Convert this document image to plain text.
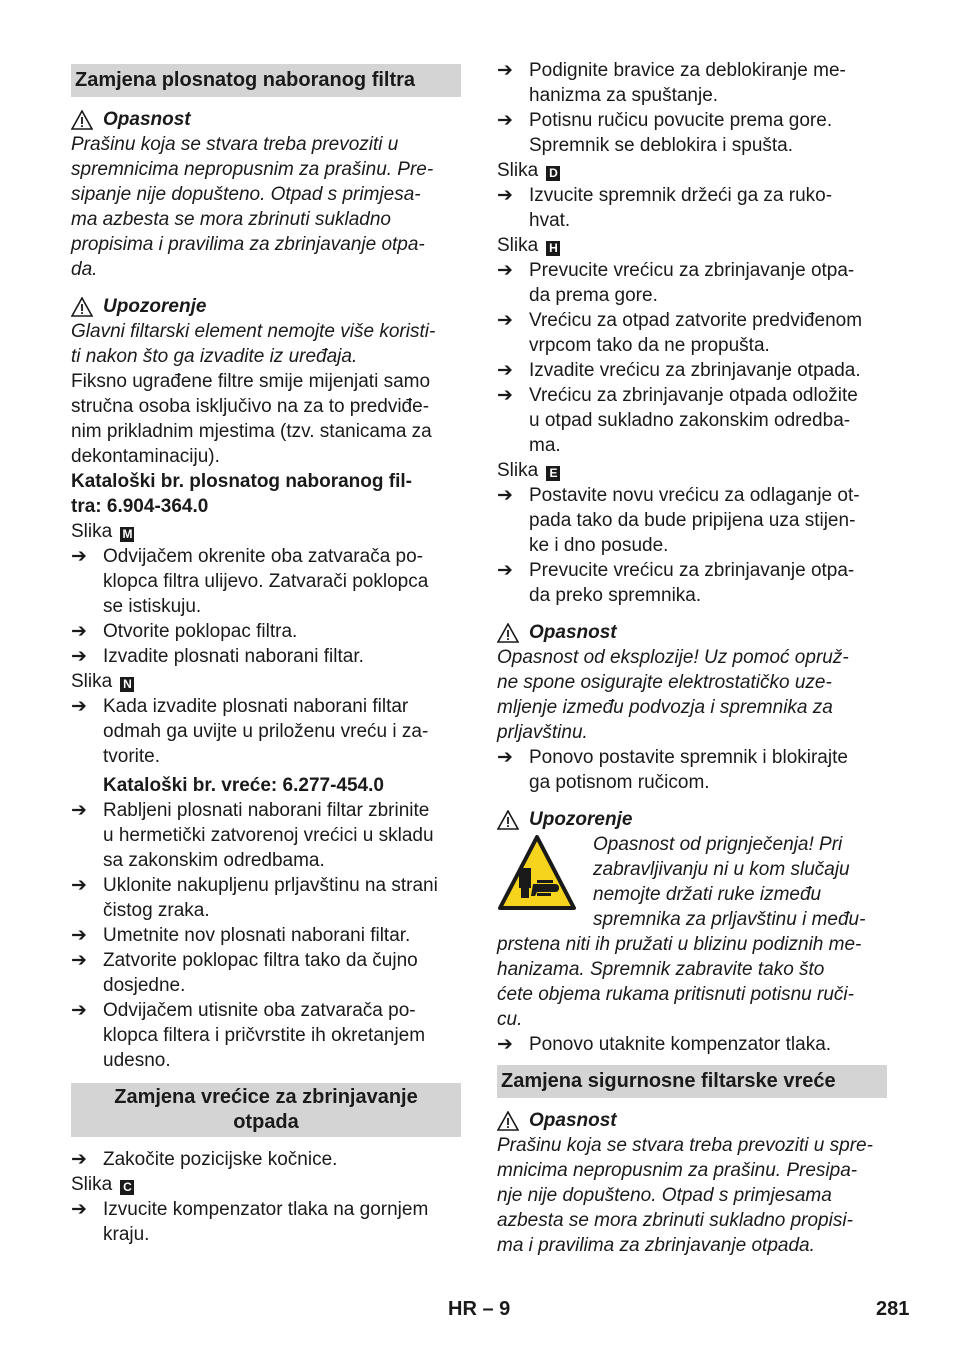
Zamjena plosnatog naboranog filtra
Opasnost
Prašinu koja se stvara treba prevoziti u
spremnicima nepropusnim za prašinu. Pre-
sipanje nije dopušteno. Otpad s primjesa-
ma azbesta se mora zbrinuti sukladno
propisima i pravilima za zbrinjavanje otpa-
da.
Upozorenje
Glavni filtarski element nemojte više koristi-
ti nakon što ga izvadite iz uređaja.
Fiksno ugrađene filtre smije mijenjati samo
stručna osoba isključivo na za to predviđe-
nim prikladnim mjestima (tzv. stanicama za
dekontaminaciju).
Kataloški br. plosnatog naboranog fil-
tra: 6.904-364.0
Slika M
➔ Odvijačem okrenite oba zatvarača po-
klopca filtra ulijevo. Zatvarači poklopca
se istiskuju.
➔ Otvorite poklopac filtra.
➔ Izvadite plosnati naborani filtar.
Slika N
➔ Kada izvadite plosnati naborani filtar
odmah ga uvijte u priloženu vreću i za-
tvorite.
Kataloški br. vreće: 6.277-454.0
➔ Rabljeni plosnati naborani filtar zbrinite
u hermetički zatvorenoj vrećici u skladu
sa zakonskim odredbama.
➔ Uklonite nakupljenu prljavštinu na strani
čistog zraka.
➔ Umetnite nov plosnati naborani filtar.
➔ Zatvorite poklopac filtra tako da čujno
dosjedne.
➔ Odvijačem utisnite oba zatvarača po-
klopca filtera i pričvrstite ih okretanjem
udesno.
Zamjena vrećice za zbrinjavanje
otpada
➔ Zakočite pozicijske kočnice.
Slika C
➔ Izvucite kompenzator tlaka na gornjem
kraju.
➔ Podignite bravice za deblokiranje me-
hanizma za spuštanje.
➔ Potisnu ručicu povucite prema gore.
Spremnik se deblokira i spušta.
Slika D
➔ Izvucite spremnik držeći ga za ruko-
hvat.
Slika H
➔ Prevucite vrećicu za zbrinjavanje otpa-
da prema gore.
➔ Vrećicu za otpad zatvorite predviđenom
vrpcom tako da ne propušta.
➔ Izvadite vrećicu za zbrinjavanje otpada.
➔ Vrećicu za zbrinjavanje otpada odložite
u otpad sukladno zakonskim odredba-
ma.
Slika E
➔ Postavite novu vrećicu za odlaganje ot-
pada tako da bude pripijena uza stijen-
ke i dno posude.
➔ Prevucite vrećicu za zbrinjavanje otpa-
da preko spremnika.
Opasnost
Opasnost od eksplozije! Uz pomoć opruž-
ne spone osigurajte elektrostatičko uze-
mljenje između podvozja i spremnika za
prljavštinu.
➔ Ponovo postavite spremnik i blokirajte
ga potisnom ručicom.
Upozorenje
Opasnost od prignječenja! Pri
zabravljivanju ni u kom slučaju
nemojte držati ruke između
spremnika za prljavštinu i među-
prstena niti ih pružati u blizinu podiznih me-
hanizama. Spremnik zabravite tako što
ćete objema rukama pritisnuti potisnu ruči-
cu.
➔ Ponovo utaknite kompenzator tlaka.
Zamjena sigurnosne filtarske vreće
Opasnost
Prašinu koja se stvara treba prevoziti u spre-
mnicima nepropusnim za prašinu. Presipa-
nje nije dopušteno. Otpad s primjesama
azbesta se mora zbrinuti sukladno propisi-
ma i pravilima za zbrinjavanje otpada.
HR – 9	281
